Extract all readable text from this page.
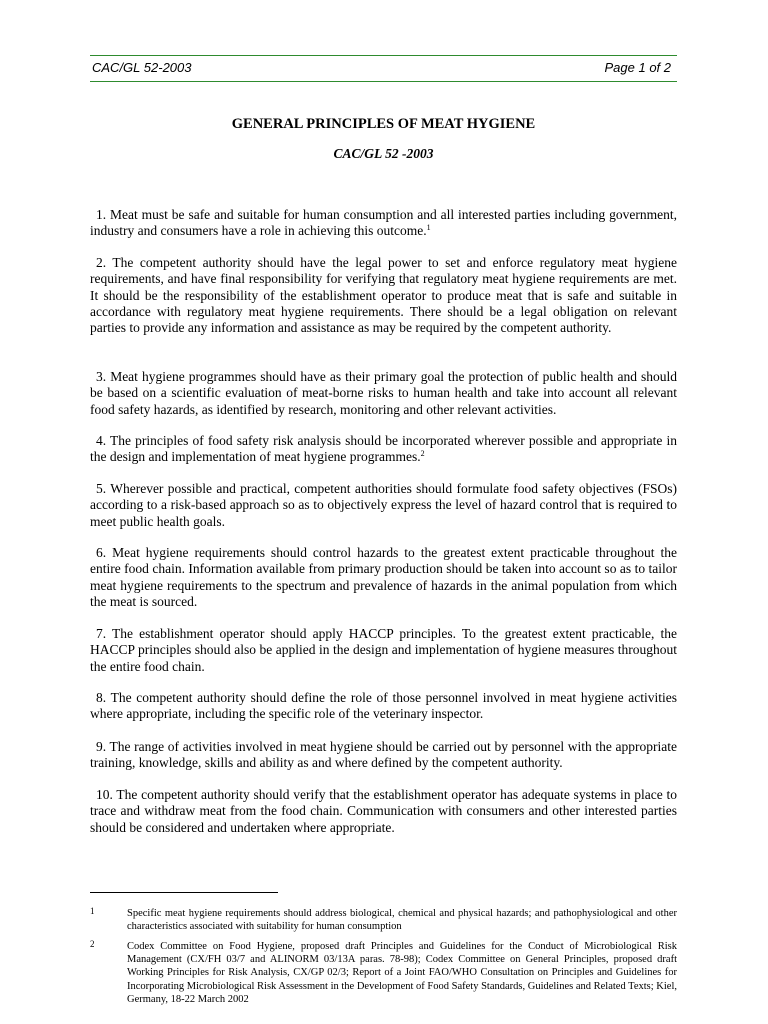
CAC/GL 52-2003	Page 1 of 2
GENERAL PRINCIPLES OF MEAT HYGIENE
CAC/GL 52 -2003

1. Meat must be safe and suitable for human consumption and all interested parties including government, industry and consumers have a role in achieving this outcome.$^1$

2. The competent authority should have the legal power to set and enforce regulatory meat hygiene requirements, and have final responsibility for verifying that regulatory meat hygiene requirements are met. It should be the responsibility of the establishment operator to produce meat that is safe and suitable in accordance with regulatory meat hygiene requirements. There should be a legal obligation on relevant parties to provide any information and assistance as may be required by the competent authority.

3. Meat hygiene programmes should have as their primary goal the protection of public health and should be based on a scientific evaluation of meat-borne risks to human health and take into account all relevant food safety hazards, as identified by research, monitoring and other relevant activities.

4. The principles of food safety risk analysis should be incorporated wherever possible and appropriate in the design and implementation of meat hygiene programmes.$^2$

5. Wherever possible and practical, competent authorities should formulate food safety objectives (FSOs) according to a risk-based approach so as to objectively express the level of hazard control that is required to meet public health goals.

6. Meat hygiene requirements should control hazards to the greatest extent practicable throughout the entire food chain. Information available from primary production should be taken into account so as to tailor meat hygiene requirements to the spectrum and prevalence of hazards in the animal population from which the meat is sourced.

7. The establishment operator should apply HACCP principles. To the greatest extent practicable, the HACCP principles should also be applied in the design and implementation of hygiene measures throughout the entire food chain.

8. The competent authority should define the role of those personnel involved in meat hygiene activities where appropriate, including the specific role of the veterinary inspector.

9. The range of activities involved in meat hygiene should be carried out by personnel with the appropriate training, knowledge, skills and ability as and where defined by the competent authority.

10. The competent authority should verify that the establishment operator has adequate systems in place to trace and withdraw meat from the food chain. Communication with consumers and other interested parties should be considered and undertaken where appropriate.

1	Specific meat hygiene requirements should address biological, chemical and physical hazards; and pathophysiological and other characteristics associated with suitability for human consumption

2	Codex Committee on Food Hygiene, proposed draft Principles and Guidelines for the Conduct of Microbiological Risk Management (CX/FH 03/7 and ALINORM 03/13A paras. 78-98); Codex Committee on General Principles, proposed draft Working Principles for Risk Analysis, CX/GP 02/3; Report of a Joint FAO/WHO Consultation on Principles and Guidelines for Incorporating Microbiological Risk Assessment in the Development of Food Safety Standards, Guidelines and Related Texts; Kiel, Germany, 18-22 March 2002
